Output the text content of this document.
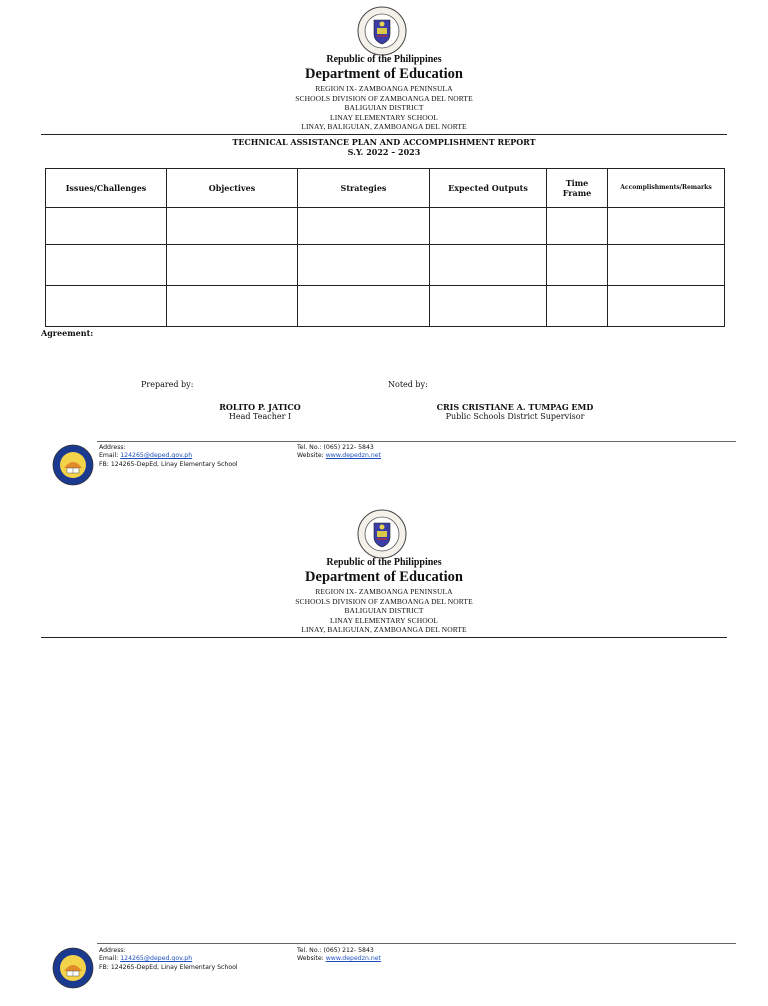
Republic of the Philippines
Department of Education
REGION IX- ZAMBOANGA PENINSULA
SCHOOLS DIVISION OF ZAMBOANGA DEL NORTE
BALIGUIAN DISTRICT
LINAY ELEMENTARY SCHOOL
LINAY, BALIGUIAN, ZAMBOANGA DEL NORTE
TECHNICAL ASSISTANCE PLAN AND ACCOMPLISHMENT REPORT
S.Y. 2022 – 2023
Issues/Challenges	Objectives	Strategies	Expected Outputs	Time Frame	Accomplishments/Remarks

Agreement:
Prepared by:	Noted by:
ROLITO P. JATICO
Head Teacher I
CRIS CRISTIANE A. TUMPAG EMD
Public Schools District Supervisor
Address:
Email: 124265@deped.gov.ph
FB: 124265-DepEd, Linay Elementary School
Tel. No.: (065) 212- 5843
Website: www.depedzn.net
Republic of the Philippines
Department of Education
REGION IX- ZAMBOANGA PENINSULA
SCHOOLS DIVISION OF ZAMBOANGA DEL NORTE
BALIGUIAN DISTRICT
LINAY ELEMENTARY SCHOOL
LINAY, BALIGUIAN, ZAMBOANGA DEL NORTE
Address:
Email: 124265@deped.gov.ph
FB: 124265-DepEd, Linay Elementary School
Tel. No.: (065) 212- 5843
Website: www.depedzn.net
